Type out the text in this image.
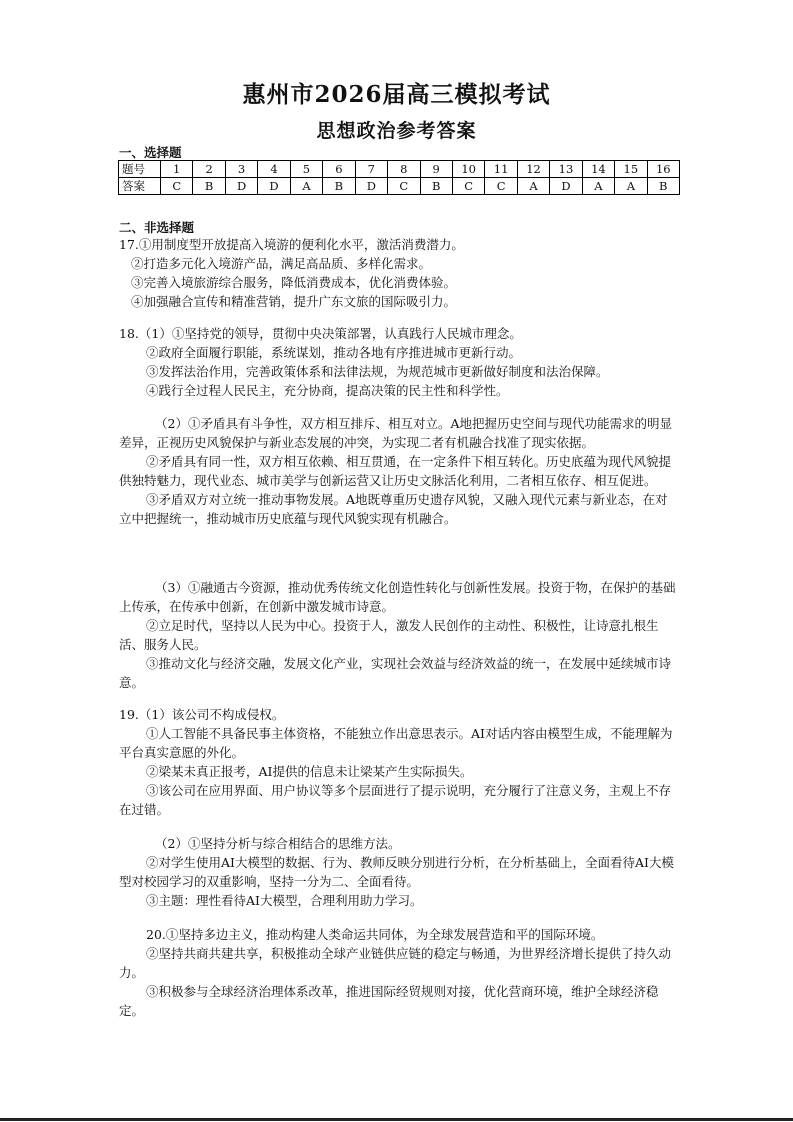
惠州市2026届高三模拟考试
思想政治参考答案
一、选择题
题号	1	2	3	4	5	6	7	8	9	10	11	12	13	14	15	16
答案	C	B	D	D	A	B	D	C	B	C	C	A	D	A	A	B
二、非选择题

17.①用制度型开放提高入境游的便利化水平，激活消费潜力。

②打造多元化入境游产品，满足高品质、多样化需求。

③完善入境旅游综合服务，降低消费成本，优化消费体验。

④加强融合宣传和精准营销，提升广东文旅的国际吸引力。

18.（1）①坚持党的领导，贯彻中央决策部署，认真践行人民城市理念。

②政府全面履行职能，系统谋划，推动各地有序推进城市更新行动。

③发挥法治作用，完善政策体系和法律法规，为规范城市更新做好制度和法治保障。

④践行全过程人民民主，充分协商，提高决策的民主性和科学性。

（2）①矛盾具有斗争性，双方相互排斥、相互对立。A地把握历史空间与现代功能需求的明显差异，正视历史风貌保护与新业态发展的冲突，为实现二者有机融合找准了现实依据。

②矛盾具有同一性，双方相互依赖、相互贯通，在一定条件下相互转化。历史底蕴为现代风貌提供独特魅力，现代业态、城市美学与创新运营又让历史文脉活化利用，二者相互依存、相互促进。

③矛盾双方对立统一推动事物发展。A地既尊重历史遗存风貌，又融入现代元素与新业态，在对立中把握统一，推动城市历史底蕴与现代风貌实现有机融合。

（3）①融通古今资源，推动优秀传统文化创造性转化与创新性发展。投资于物，在保护的基础上传承，在传承中创新，在创新中激发城市诗意。

②立足时代，坚持以人民为中心。投资于人，激发人民创作的主动性、积极性，让诗意扎根生活、服务人民。

③推动文化与经济交融，发展文化产业，实现社会效益与经济效益的统一，在发展中延续城市诗意。

19.（1）该公司不构成侵权。

①人工智能不具备民事主体资格，不能独立作出意思表示。AI对话内容由模型生成，不能理解为平台真实意愿的外化。

②梁某未真正报考，AI提供的信息未让梁某产生实际损失。

③该公司在应用界面、用户协议等多个层面进行了提示说明，充分履行了注意义务，主观上不存在过错。

（2）①坚持分析与综合相结合的思维方法。

②对学生使用AI大模型的数据、行为、教师反映分别进行分析，在分析基础上，全面看待AI大模型对校园学习的双重影响，坚持一分为二、全面看待。

③主题：理性看待AI大模型，合理利用助力学习。

20.①坚持多边主义，推动构建人类命运共同体，为全球发展营造和平的国际环境。

②坚持共商共建共享，积极推动全球产业链供应链的稳定与畅通，为世界经济增长提供了持久动力。

③积极参与全球经济治理体系改革，推进国际经贸规则对接，优化营商环境，维护全球经济稳定。
